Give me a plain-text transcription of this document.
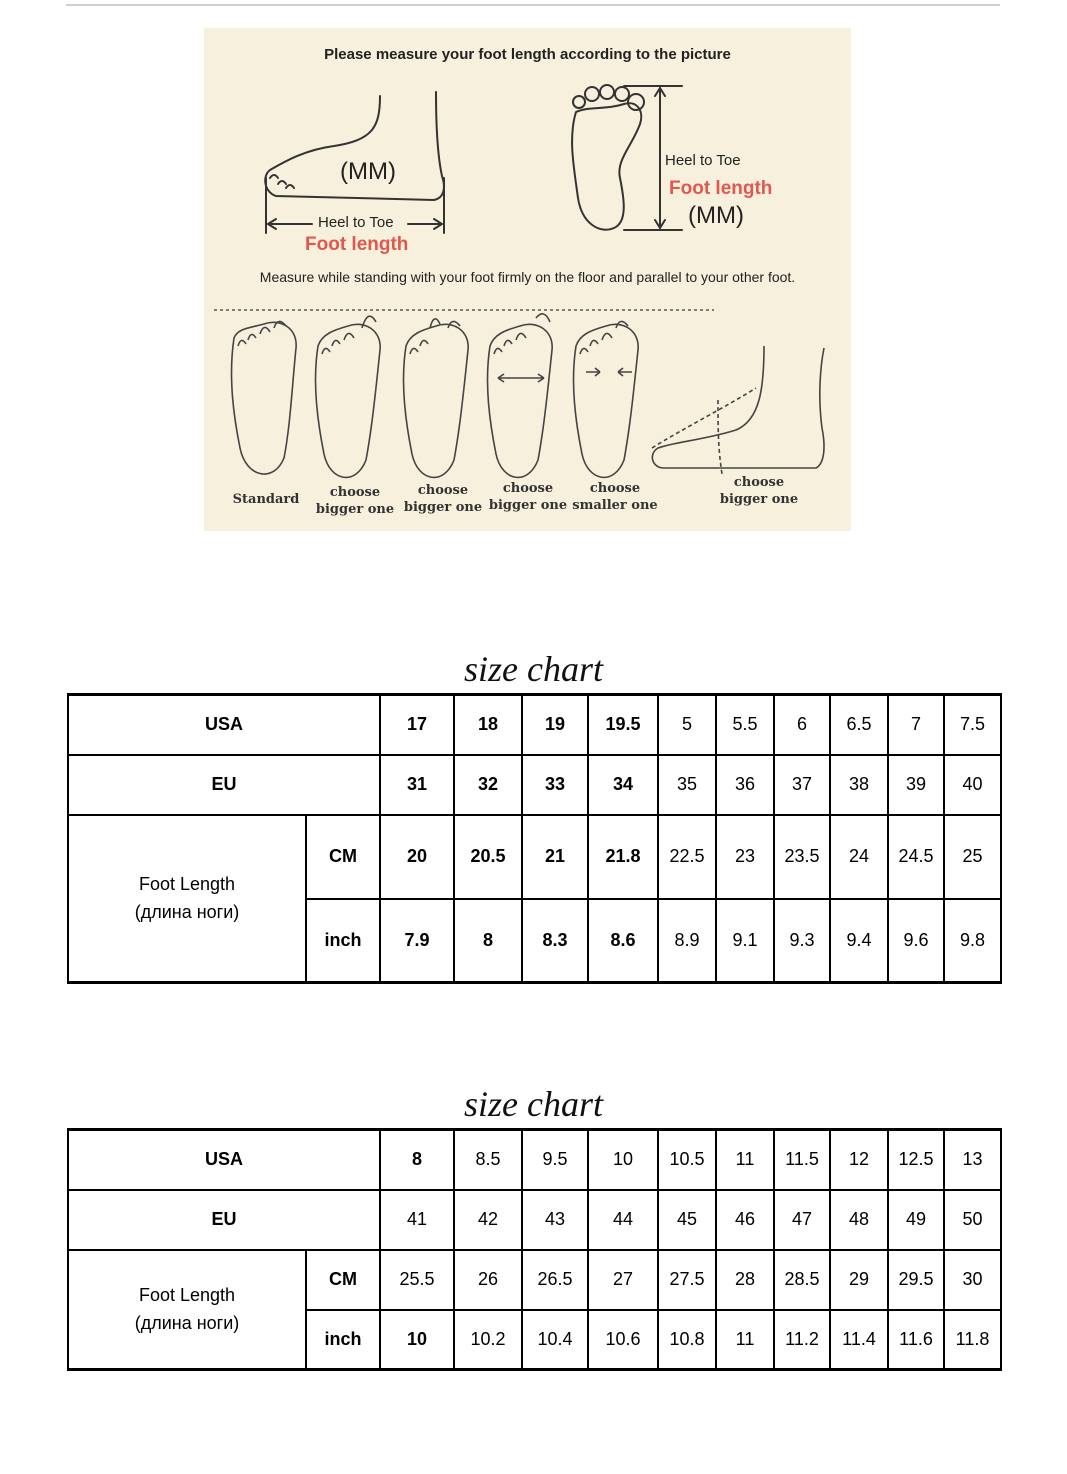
Please measure your foot length according to the picture
(MM)
Heel to Toe
Foot length
Heel to Toe
Foot length
(MM)
Measure while standing with your foot firmly on the floor and parallel to your other foot.
Standard	choose
bigger one
choose
bigger one
choose
bigger one
choose
smaller one
choose
bigger one
size chart
USA		17	18	19	19.5	5	5.5	6	6.5	7	7.5
EU		31	32	33	34	35	36	37	38	39	40

Foot Length
(длина ноги)	CM	20	20.5	21	21.8	22.5	23	23.5	24	24.5	25
	inch	7.9	8	8.3	8.6	8.9	9.1	9.3	9.4	9.6	9.8
size chart
USA		8	8.5	9.5	10	10.5	11	11.5	12	12.5	13
EU		41	42	43	44	45	46	47	48	49	50

Foot Length
(длина ноги)	CM	25.5	26	26.5	27	27.5	28	28.5	29	29.5	30
	inch	10	10.2	10.4	10.6	10.8	11	11.2	11.4	11.6	11.8
